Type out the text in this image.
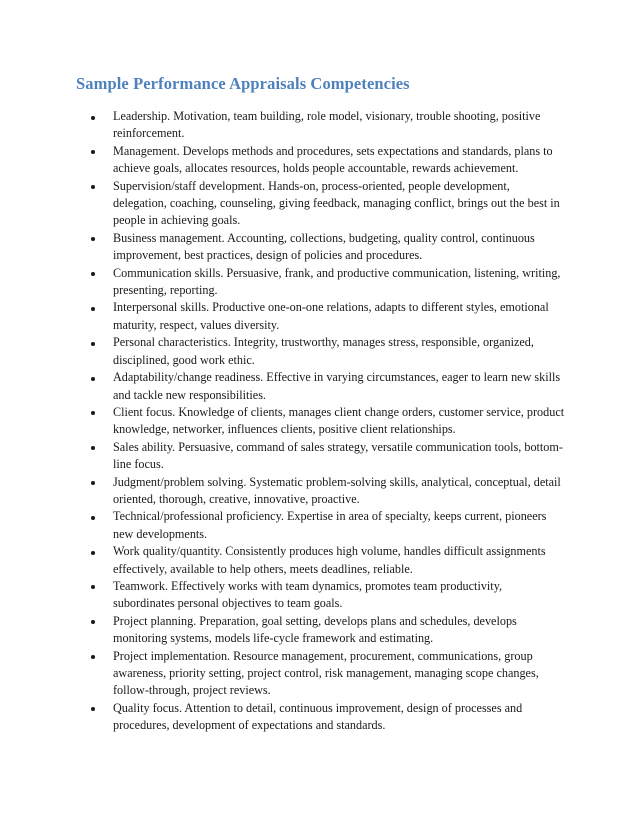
Sample Performance Appraisals Competencies
Leadership. Motivation, team building, role model, visionary, trouble shooting, positive reinforcement.
Management. Develops methods and procedures, sets expectations and standards, plans to achieve goals, allocates resources, holds people accountable, rewards achievement.
Supervision/staff development. Hands-on, process-oriented, people development, delegation, coaching, counseling, giving feedback, managing conflict, brings out the best in people in achieving goals.
Business management. Accounting, collections, budgeting, quality control, continuous improvement, best practices, design of policies and procedures.
Communication skills. Persuasive, frank, and productive communication, listening, writing, presenting, reporting.
Interpersonal skills. Productive one-on-one relations, adapts to different styles, emotional maturity, respect, values diversity.
Personal characteristics. Integrity, trustworthy, manages stress, responsible, organized, disciplined, good work ethic.
Adaptability/change readiness. Effective in varying circumstances, eager to learn new skills and tackle new responsibilities.
Client focus. Knowledge of clients, manages client change orders, customer service, product knowledge, networker, influences clients, positive client relationships.
Sales ability. Persuasive, command of sales strategy, versatile communication tools, bottom-line focus.
Judgment/problem solving. Systematic problem-solving skills, analytical, conceptual, detail oriented, thorough, creative, innovative, proactive.
Technical/professional proficiency. Expertise in area of specialty, keeps current, pioneers new developments.
Work quality/quantity. Consistently produces high volume, handles difficult assignments effectively, available to help others, meets deadlines, reliable.
Teamwork. Effectively works with team dynamics, promotes team productivity, subordinates personal objectives to team goals.
Project planning. Preparation, goal setting, develops plans and schedules, develops monitoring systems, models life-cycle framework and estimating.
Project implementation. Resource management, procurement, communications, group awareness, priority setting, project control, risk management, managing scope changes, follow-through, project reviews.
Quality focus. Attention to detail, continuous improvement, design of processes and procedures, development of expectations and standards.
